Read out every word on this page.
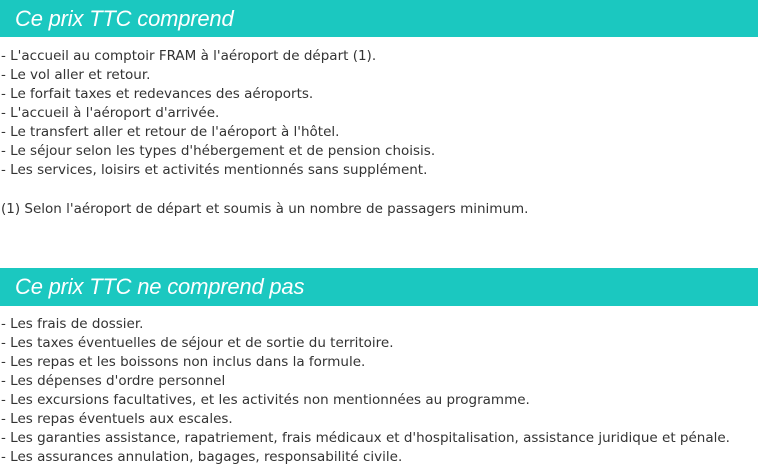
Ce prix TTC comprend
- L'accueil au comptoir FRAM à l'aéroport de départ (1).
- Le vol aller et retour.
- Le forfait taxes et redevances des aéroports.
- L'accueil à l'aéroport d'arrivée.
- Le transfert aller et retour de l'aéroport à l'hôtel.
- Le séjour selon les types d'hébergement et de pension choisis.
- Les services, loisirs et activités mentionnés sans supplément.
(1) Selon l'aéroport de départ et soumis à un nombre de passagers minimum.
Ce prix TTC ne comprend pas
- Les frais de dossier.
- Les taxes éventuelles de séjour et de sortie du territoire.
- Les repas et les boissons non inclus dans la formule.
- Les dépenses d'ordre personnel
- Les excursions facultatives, et les activités non mentionnées au programme.
- Les repas éventuels aux escales.
- Les garanties assistance, rapatriement, frais médicaux et d'hospitalisation, assistance juridique et pénale.
- Les assurances annulation, bagages, responsabilité civile.
